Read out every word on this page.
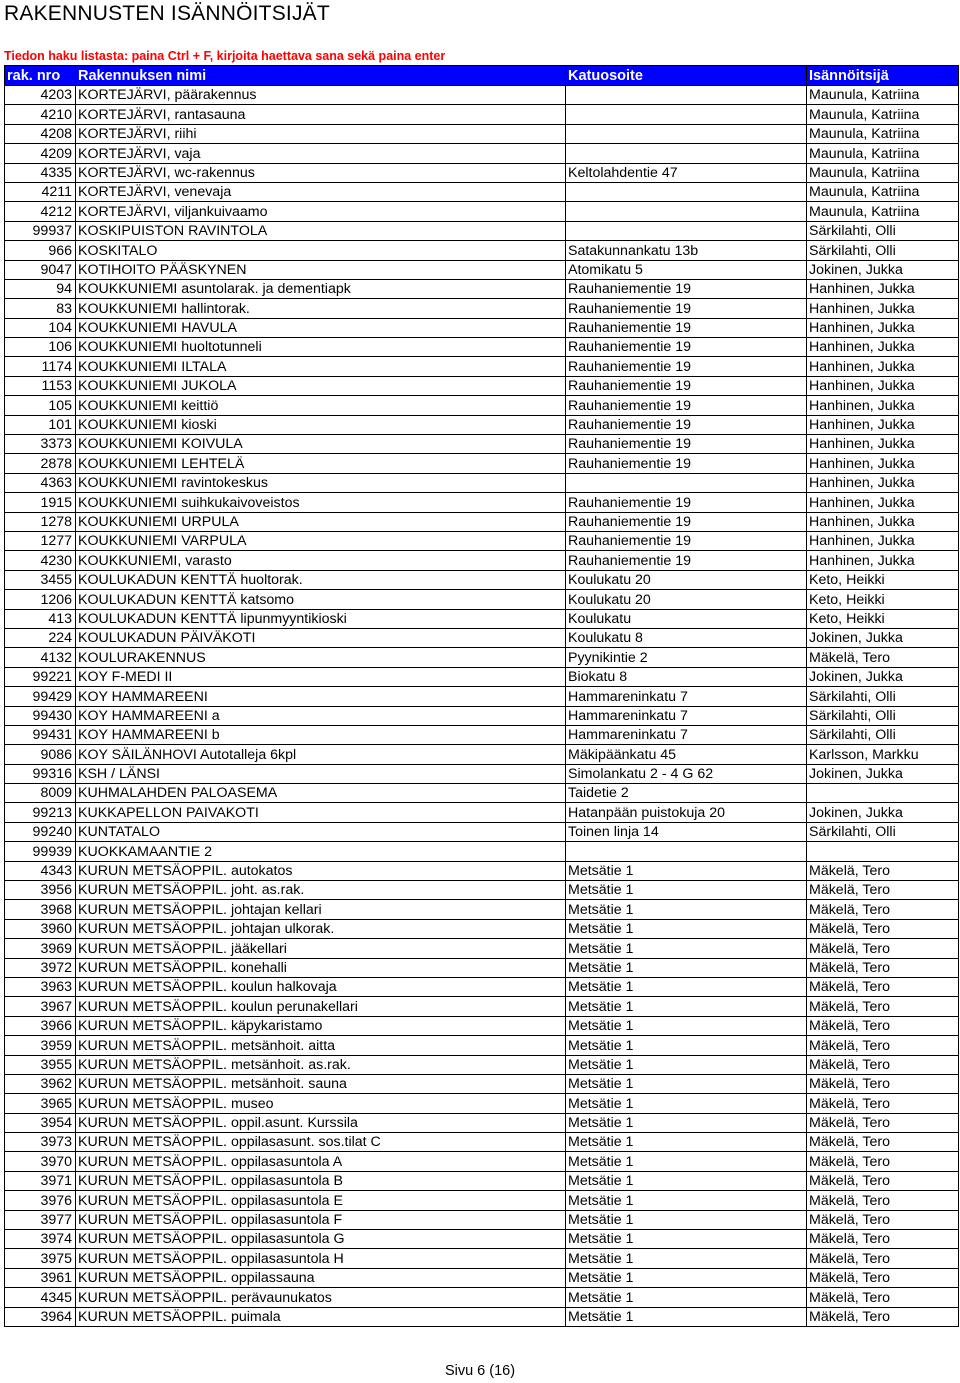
RAKENNUSTEN ISÄNNÖITSIJÄT
Tiedon haku listasta: paina Ctrl + F, kirjoita haettava sana sekä paina enter
rak. nro	Rakennuksen nimi	Katuosoite	Isännöitsijä
4203	KORTEJÄRVI, päärakennus		Maunula, Katriina
4210	KORTEJÄRVI, rantasauna		Maunula, Katriina
4208	KORTEJÄRVI, riihi		Maunula, Katriina
4209	KORTEJÄRVI, vaja		Maunula, Katriina
4335	KORTEJÄRVI, wc-rakennus	Keltolahdentie 47	Maunula, Katriina
4211	KORTEJÄRVI, venevaja		Maunula, Katriina
4212	KORTEJÄRVI, viljankuivaamo		Maunula, Katriina
99937	KOSKIPUISTON RAVINTOLA		Särkilahti, Olli
966	KOSKITALO	Satakunnankatu 13b	Särkilahti, Olli
9047	KOTIHOITO PÄÄSKYNEN	Atomikatu 5	Jokinen, Jukka
94	KOUKKUNIEMI asuntolarak. ja dementiapk	Rauhaniementie 19	Hanhinen, Jukka
83	KOUKKUNIEMI hallintorak.	Rauhaniementie 19	Hanhinen, Jukka
104	KOUKKUNIEMI HAVULA	Rauhaniementie 19	Hanhinen, Jukka
106	KOUKKUNIEMI huoltotunneli	Rauhaniementie 19	Hanhinen, Jukka
1174	KOUKKUNIEMI ILTALA	Rauhaniementie 19	Hanhinen, Jukka
1153	KOUKKUNIEMI JUKOLA	Rauhaniementie 19	Hanhinen, Jukka
105	KOUKKUNIEMI keittiö	Rauhaniementie 19	Hanhinen, Jukka
101	KOUKKUNIEMI kioski	Rauhaniementie 19	Hanhinen, Jukka
3373	KOUKKUNIEMI KOIVULA	Rauhaniementie 19	Hanhinen, Jukka
2878	KOUKKUNIEMI LEHTELÄ	Rauhaniementie 19	Hanhinen, Jukka
4363	KOUKKUNIEMI ravintokeskus		Hanhinen, Jukka
1915	KOUKKUNIEMI suihkukaivoveistos	Rauhaniementie 19	Hanhinen, Jukka
1278	KOUKKUNIEMI URPULA	Rauhaniementie 19	Hanhinen, Jukka
1277	KOUKKUNIEMI VARPULA	Rauhaniementie 19	Hanhinen, Jukka
4230	KOUKKUNIEMI, varasto	Rauhaniementie 19	Hanhinen, Jukka
3455	KOULUKADUN KENTTÄ huoltorak.	Koulukatu 20	Keto, Heikki
1206	KOULUKADUN KENTTÄ katsomo	Koulukatu 20	Keto, Heikki
413	KOULUKADUN KENTTÄ lipunmyyntikioski	Koulukatu	Keto, Heikki
224	KOULUKADUN PÄIVÄKOTI	Koulukatu 8	Jokinen, Jukka
4132	KOULURAKENNUS	Pyynikintie 2	Mäkelä, Tero
99221	KOY F-MEDI II	Biokatu 8	Jokinen, Jukka
99429	KOY HAMMAREENI	Hammareninkatu 7	Särkilahti, Olli
99430	KOY HAMMAREENI a	Hammareninkatu 7	Särkilahti, Olli
99431	KOY HAMMAREENI b	Hammareninkatu 7	Särkilahti, Olli
9086	KOY SÄILÄNHOVI Autotalleja 6kpl	Mäkipäänkatu 45	Karlsson, Markku
99316	KSH / LÄNSI	Simolankatu 2 - 4 G 62	Jokinen, Jukka
8009	KUHMALAHDEN PALOASEMA	Taidetie 2	
99213	KUKKAPELLON PAIVAKOTI	Hatanpään puistokuja 20	Jokinen, Jukka
99240	KUNTATALO	Toinen linja 14	Särkilahti, Olli
99939	KUOKKAMAANTIE 2		
4343	KURUN METSÄOPPIL. autokatos	Metsätie 1	Mäkelä, Tero
3956	KURUN METSÄOPPIL. joht. as.rak.	Metsätie 1	Mäkelä, Tero
3968	KURUN METSÄOPPIL. johtajan kellari	Metsätie 1	Mäkelä, Tero
3960	KURUN METSÄOPPIL. johtajan ulkorak.	Metsätie 1	Mäkelä, Tero
3969	KURUN METSÄOPPIL. jääkellari	Metsätie 1	Mäkelä, Tero
3972	KURUN METSÄOPPIL. konehalli	Metsätie 1	Mäkelä, Tero
3963	KURUN METSÄOPPIL. koulun halkovaja	Metsätie 1	Mäkelä, Tero
3967	KURUN METSÄOPPIL. koulun perunakellari	Metsätie 1	Mäkelä, Tero
3966	KURUN METSÄOPPIL. käpykaristamo	Metsätie 1	Mäkelä, Tero
3959	KURUN METSÄOPPIL. metsänhoit. aitta	Metsätie 1	Mäkelä, Tero
3955	KURUN METSÄOPPIL. metsänhoit. as.rak.	Metsätie 1	Mäkelä, Tero
3962	KURUN METSÄOPPIL. metsänhoit. sauna	Metsätie 1	Mäkelä, Tero
3965	KURUN METSÄOPPIL. museo	Metsätie 1	Mäkelä, Tero
3954	KURUN METSÄOPPIL. oppil.asunt. Kurssila	Metsätie 1	Mäkelä, Tero
3973	KURUN METSÄOPPIL. oppilasasunt. sos.tilat C	Metsätie 1	Mäkelä, Tero
3970	KURUN METSÄOPPIL. oppilasasuntola A	Metsätie 1	Mäkelä, Tero
3971	KURUN METSÄOPPIL. oppilasasuntola B	Metsätie 1	Mäkelä, Tero
3976	KURUN METSÄOPPIL. oppilasasuntola E	Metsätie 1	Mäkelä, Tero
3977	KURUN METSÄOPPIL. oppilasasuntola F	Metsätie 1	Mäkelä, Tero
3974	KURUN METSÄOPPIL. oppilasasuntola G	Metsätie 1	Mäkelä, Tero
3975	KURUN METSÄOPPIL. oppilasasuntola H	Metsätie 1	Mäkelä, Tero
3961	KURUN METSÄOPPIL. oppilassauna	Metsätie 1	Mäkelä, Tero
4345	KURUN METSÄOPPIL. perävaunukatos	Metsätie 1	Mäkelä, Tero
3964	KURUN METSÄOPPIL. puimala	Metsätie 1	Mäkelä, Tero
Sivu 6 (16)
